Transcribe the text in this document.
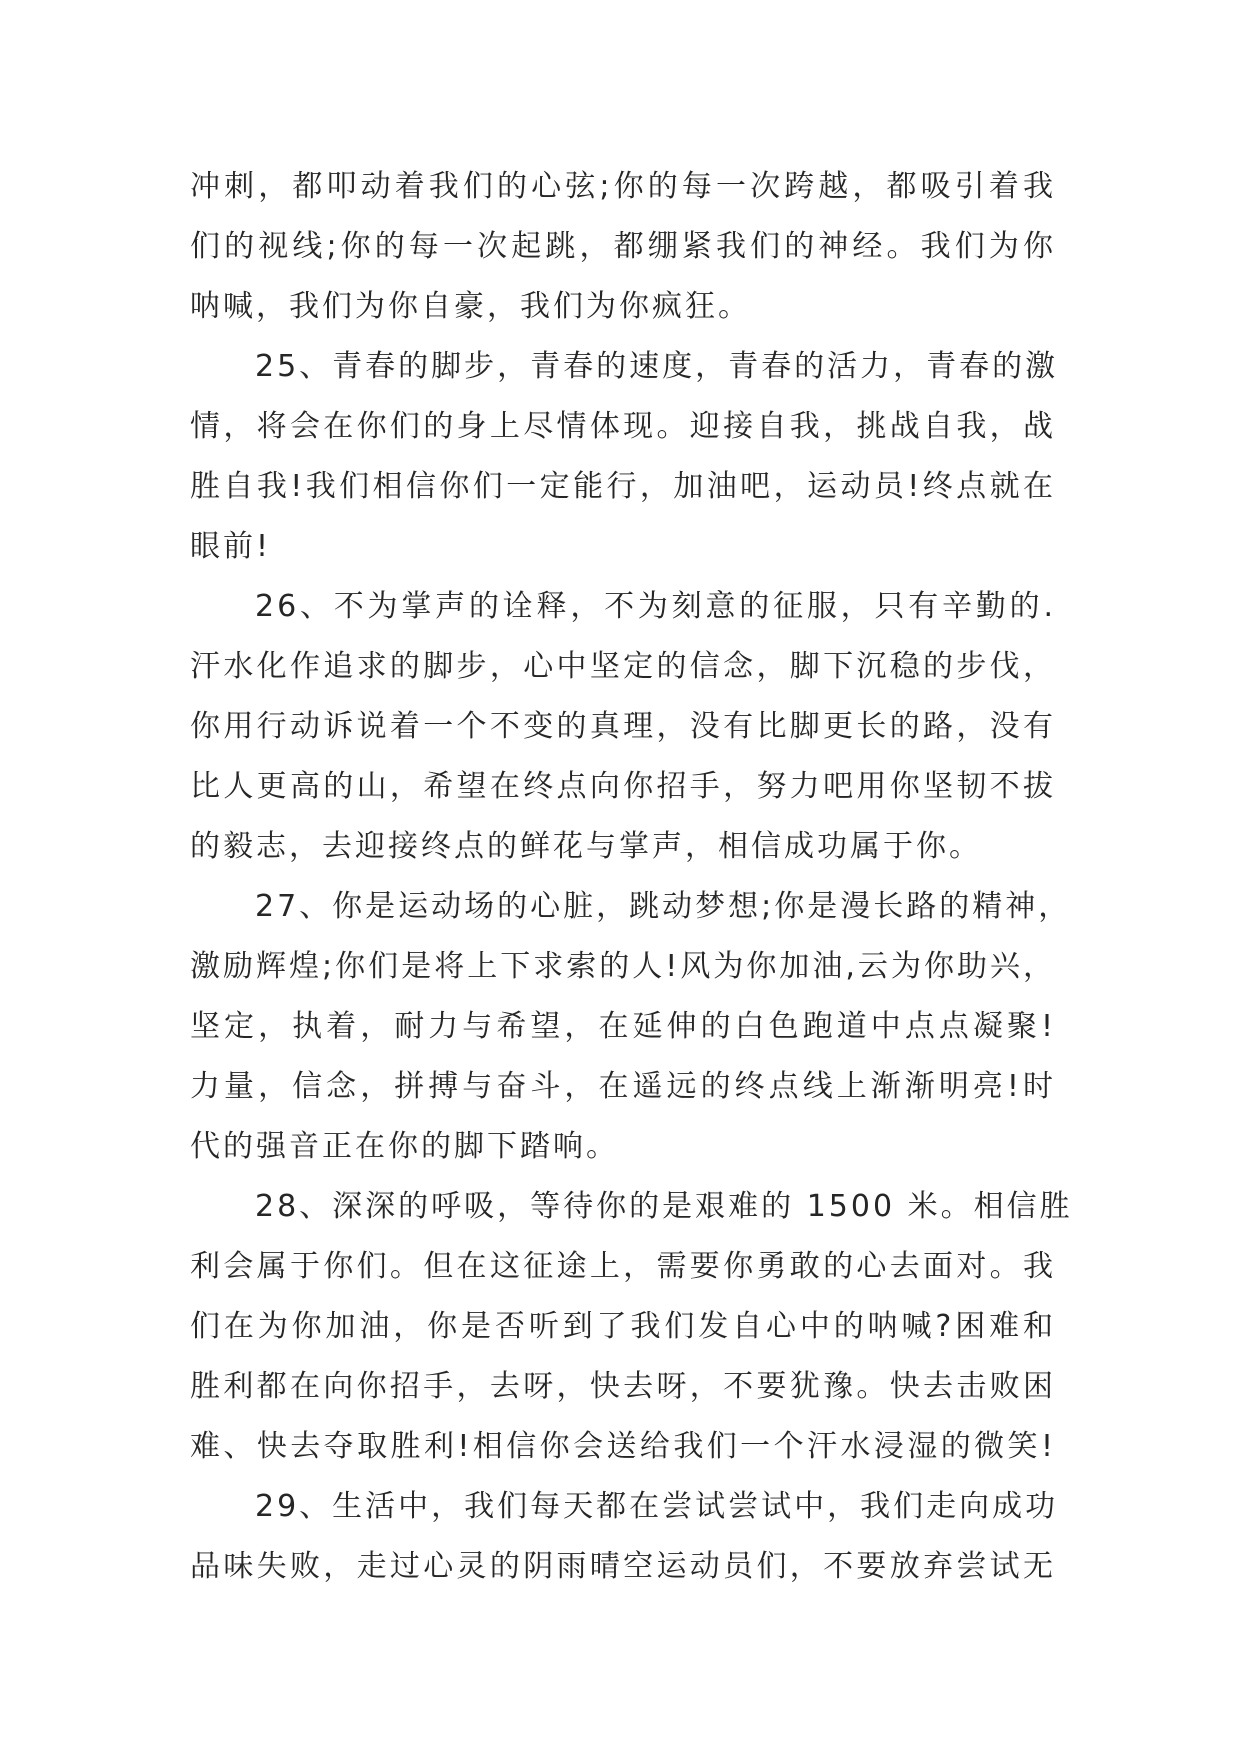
冲刺，都叩动着我们的心弦;你的每一次跨越，都吸引着我
们的视线;你的每一次起跳，都绷紧我们的神经。我们为你
呐喊，我们为你自豪，我们为你疯狂。
25、青春的脚步，青春的速度，青春的活力，青春的激
情，将会在你们的身上尽情体现。迎接自我，挑战自我，战
胜自我!我们相信你们一定能行，加油吧，运动员!终点就在
眼前!
26、不为掌声的诠释，不为刻意的征服，只有辛勤的.
汗水化作追求的脚步，心中坚定的信念，脚下沉稳的步伐，
你用行动诉说着一个不变的真理，没有比脚更长的路，没有
比人更高的山，希望在终点向你招手，努力吧用你坚韧不拔
的毅志，去迎接终点的鲜花与掌声，相信成功属于你。
27、你是运动场的心脏，跳动梦想;你是漫长路的精神，
激励辉煌;你们是将上下求索的人!风为你加油,云为你助兴，
坚定，执着，耐力与希望，在延伸的白色跑道中点点凝聚!
力量，信念，拼搏与奋斗，在遥远的终点线上渐渐明亮!时
代的强音正在你的脚下踏响。
28、深深的呼吸，等待你的是艰难的 1500 米。相信胜
利会属于你们。但在这征途上，需要你勇敢的心去面对。我
们在为你加油，你是否听到了我们发自心中的呐喊?困难和
胜利都在向你招手，去呀，快去呀，不要犹豫。快去击败困
难、快去夺取胜利!相信你会送给我们一个汗水浸湿的微笑!
29、生活中，我们每天都在尝试尝试中，我们走向成功
品味失败，走过心灵的阴雨晴空运动员们，不要放弃尝试无
